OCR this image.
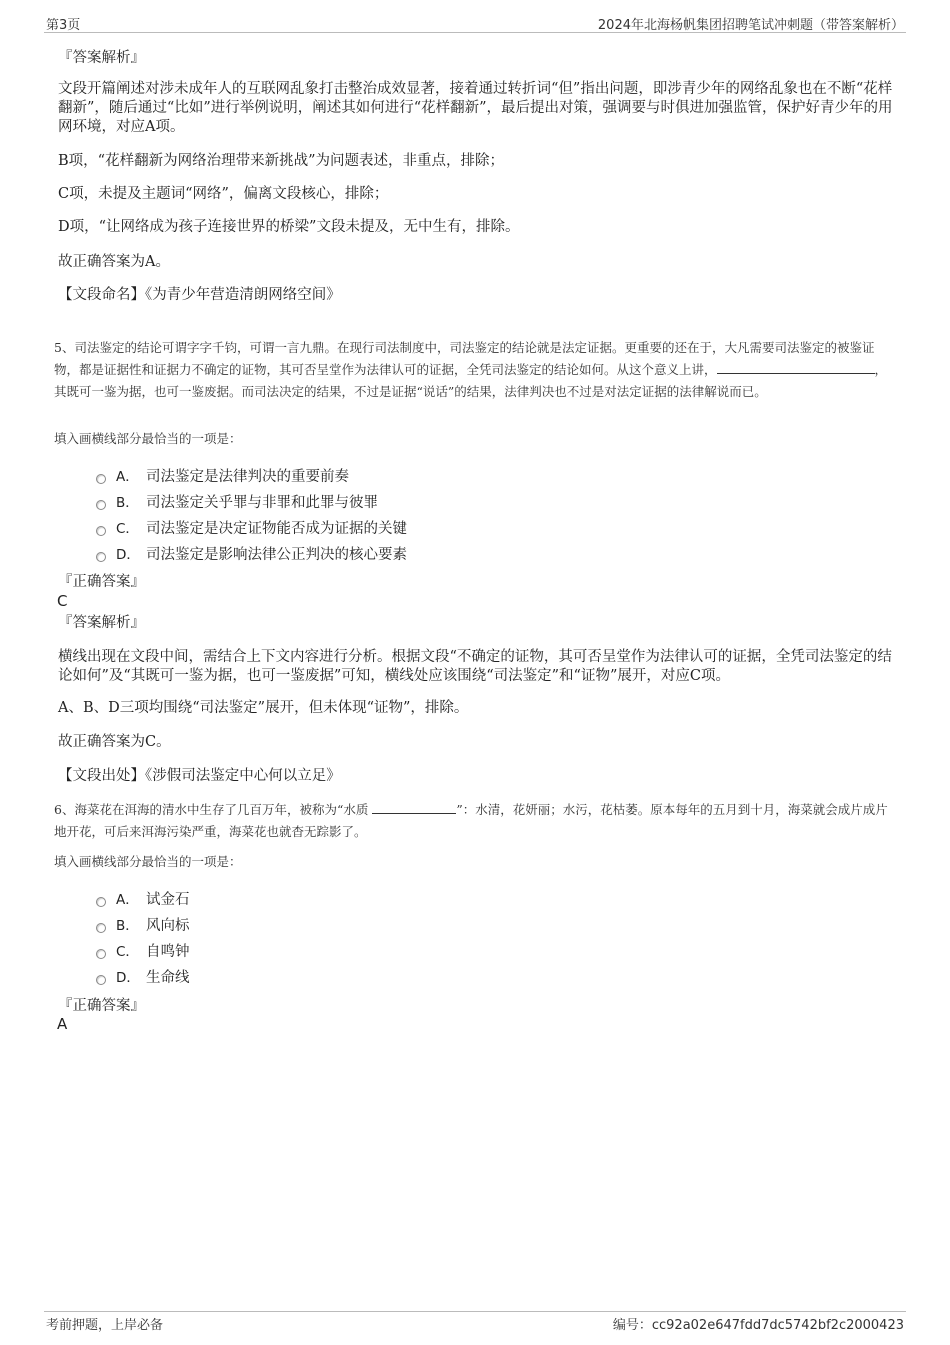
第3页	2024年北海杨帆集团招聘笔试冲刺题（带答案解析）
『答案解析』
文段开篇阐述对涉未成年人的互联网乱象打击整治成效显著，接着通过转折词“但”指出问题，即涉青少年的网络乱象也在不断“花样翻新”，随后通过“比如”进行举例说明，阐述其如何进行“花样翻新”，最后提出对策，强调要与时俱进加强监管，保护好青少年的用网环境，对应A项。
B项，“花样翻新为网络治理带来新挑战”为问题表述，非重点，排除；
C项，未提及主题词“网络”，偏离文段核心，排除；
D项，“让网络成为孩子连接世界的桥梁”文段未提及，无中生有，排除。
故正确答案为A。
【文段命名】《为青少年营造清朗网络空间》
5、司法鉴定的结论可谓字字千钧，可谓一言九鼎。在现行司法制度中，司法鉴定的结论就是法定证据。更重要的还在于，大凡需要司法鉴定的被鉴证物，都是证据性和证据力不确定的证物，其可否呈堂作为法律认可的证据，全凭司法鉴定的结论如何。从这个意义上讲，	，其既可一鉴为据，也可一鉴废据。而司法决定的结果，不过是证据“说话”的结果，法律判决也不过是对法定证据的法律解说而已。
填入画横线部分最恰当的一项是：
A． 司法鉴定是法律判决的重要前奏
B． 司法鉴定关乎罪与非罪和此罪与彼罪
C． 司法鉴定是决定证物能否成为证据的关键
D． 司法鉴定是影响法律公正判决的核心要素
『正确答案』
C
『答案解析』
横线出现在文段中间，需结合上下文内容进行分析。根据文段“不确定的证物，其可否呈堂作为法律认可的证据，全凭司法鉴定的结论如何”及“其既可一鉴为据，也可一鉴废据”可知，横线处应该围绕“司法鉴定”和“证物”展开，对应C项。
A、B、D三项均围绕“司法鉴定”展开，但未体现“证物”，排除。
故正确答案为C。
【文段出处】《涉假司法鉴定中心何以立足》
6、海菜花在洱海的清水中生存了几百万年，被称为“水质	”：水清，花妍丽；水污，花枯萎。原本每年的五月到十月，海菜就会成片成片地开花，可后来洱海污染严重，海菜花也就杳无踪影了。
填入画横线部分最恰当的一项是：
A． 试金石
B． 风向标
C． 自鸣钟
D． 生命线
『正确答案』
A
考前押题，上岸必备	编号：cc92a02e647fdd7dc5742bf2c2000423
